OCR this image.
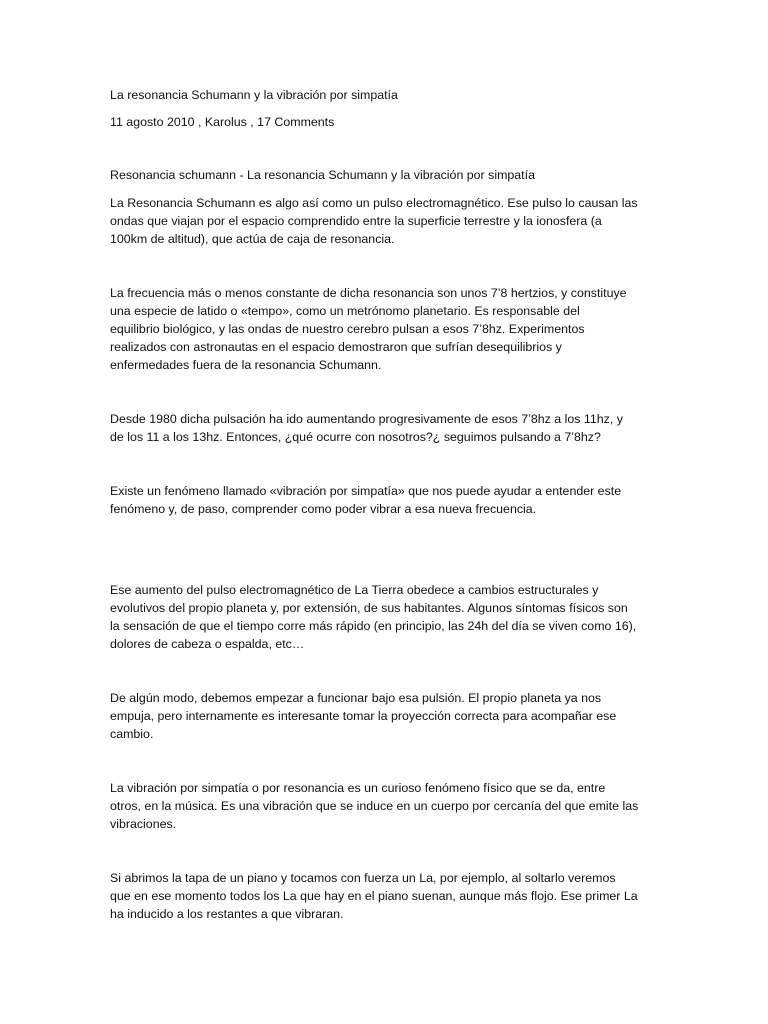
La resonancia Schumann y la vibración por simpatía

11 agosto 2010 , Karolus , 17 Comments

Resonancia schumann - La resonancia Schumann y la vibración por simpatía

La Resonancia Schumann es algo así como un pulso electromagnético. Ese pulso lo causan las

ondas que viajan por el espacio comprendido entre la superficie terrestre y la ionosfera (a

100km de altitud), que actúa de caja de resonancia.

La frecuencia más o menos constante de dicha resonancia son unos 7’8 hertzios, y constituye

una especie de latido o «tempo», como un metrónomo planetario. Es responsable del

equilibrio biológico, y las ondas de nuestro cerebro pulsan a esos 7’8hz. Experimentos

realizados con astronautas en el espacio demostraron que sufrían desequilibrios y

enfermedades fuera de la resonancia Schumann.

Desde 1980 dicha pulsación ha ido aumentando progresivamente de esos 7’8hz a los 11hz, y

de los 11 a los 13hz. Entonces, ¿qué ocurre con nosotros?¿ seguimos pulsando a 7’8hz?

Existe un fenómeno llamado «vibración por simpatía» que nos puede ayudar a entender este

fenómeno y, de paso, comprender como poder vibrar a esa nueva frecuencia.

Ese aumento del pulso electromagnético de La Tierra obedece a cambios estructurales y

evolutivos del propio planeta y, por extensión, de sus habitantes. Algunos síntomas físicos son

la sensación de que el tiempo corre más rápido (en principio, las 24h del día se viven como 16),

dolores de cabeza o espalda, etc…

De algún modo, debemos empezar a funcionar bajo esa pulsión. El propio planeta ya nos

empuja, pero internamente es interesante tomar la proyección correcta para acompañar ese

cambio.

La vibración por simpatía o por resonancia es un curioso fenómeno físico que se da, entre

otros, en la música. Es una vibración que se induce en un cuerpo por cercanía del que emite las

vibraciones.

Si abrimos la tapa de un piano y tocamos con fuerza un La, por ejemplo, al soltarlo veremos

que en ese momento todos los La que hay en el piano suenan, aunque más flojo. Ese primer La

ha inducido a los restantes a que vibraran.
